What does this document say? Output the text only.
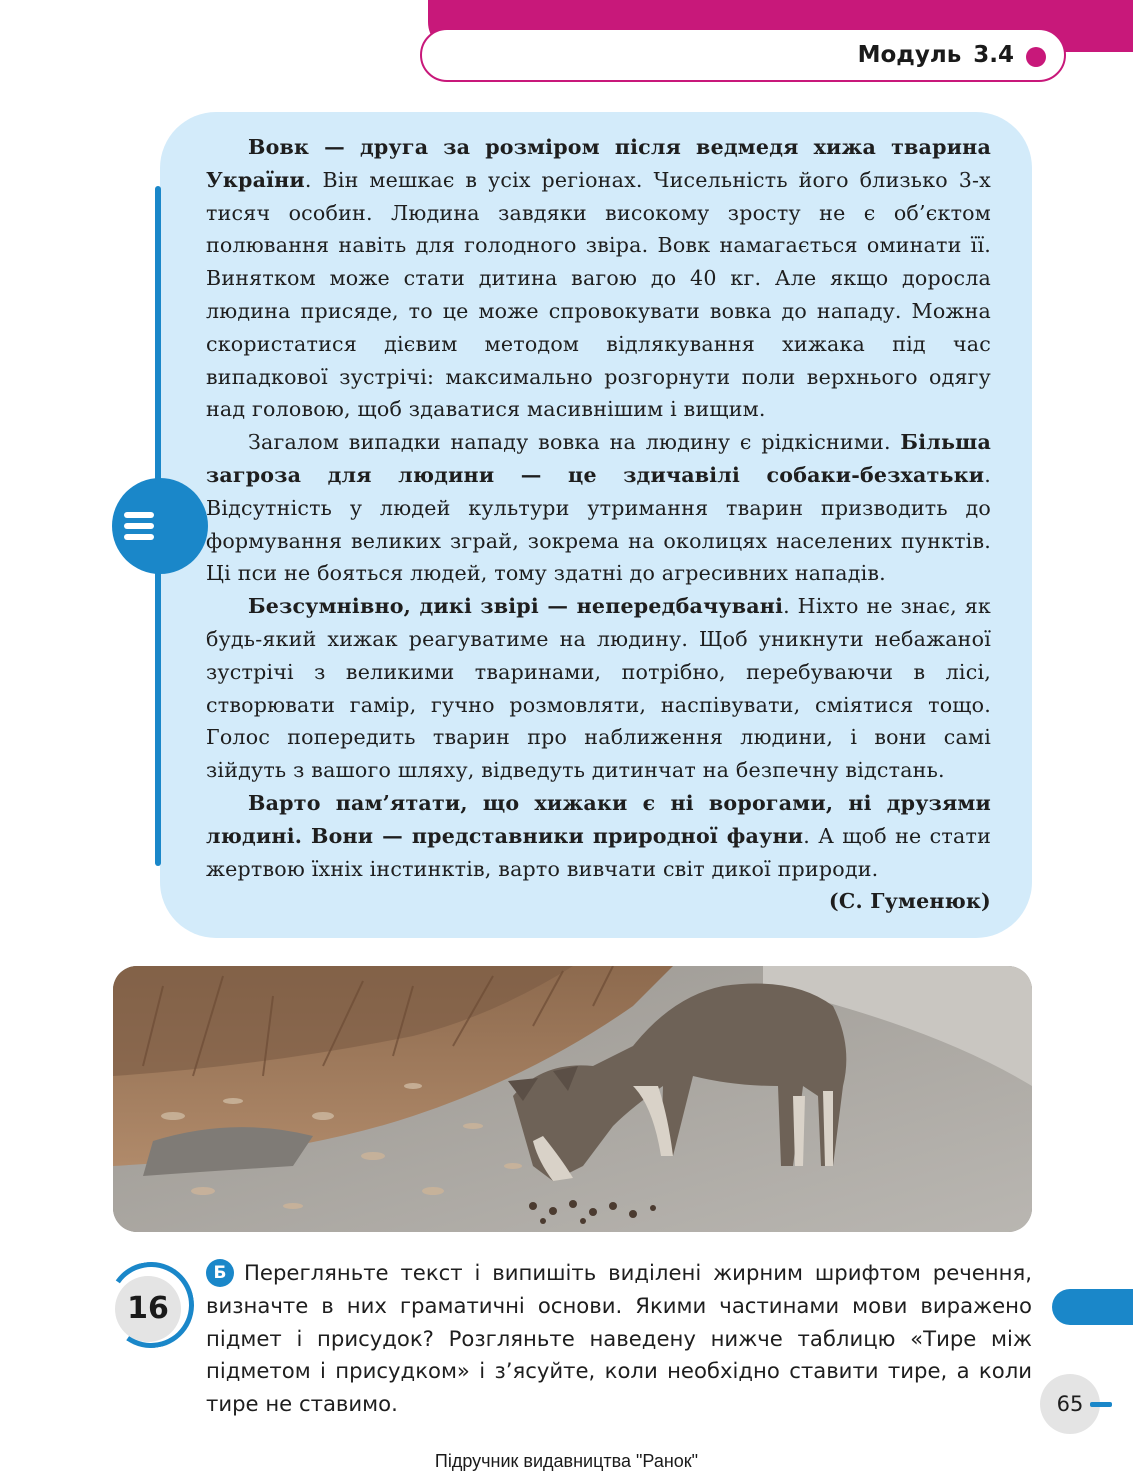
Модуль 3.4

Вовк — друга за розміром після ведмедя хижа тварина України. Він мешкає в усіх регіонах. Чисельність його близько 3-х тисяч особин. Людина завдяки високому зросту не є об’єктом полювання навіть для голодного звіра. Вовк намагається оминати її. Винятком може стати дитина вагою до 40 кг. Але якщо доросла людина присяде, то це може спровокувати вовка до нападу. Можна скористатися дієвим методом відлякування хижака під час випадкової зустрічі: максимально розгорнути поли верхнього одягу над головою, щоб здаватися масивнішим і вищим.

Загалом випадки нападу вовка на людину є рідкісними. Більша загроза для людини — це здичавілі собаки-безхатьки. Відсутність у людей культури утримання тварин призводить до формування великих зграй, зокрема на околицях населених пунктів. Ці пси не бояться людей, тому здатні до агресивних нападів.

Безсумнівно, дикі звірі — непередбачувані. Ніхто не знає, як будь-який хижак реагуватиме на людину. Щоб уникнути небажаної зустрічі з великими тваринами, потрібно, перебуваючи в лісі, створювати гамір, гучно розмовляти, наспівувати, сміятися тощо. Голос попередить тварин про наближення людини, і вони самі зійдуть з вашого шляху, відведуть дитинчат на безпечну відстань.

Варто пам’ятати, що хижаки є ні ворогами, ні друзями людині. Вони — представники природної фауни. А щоб не стати жертвою їхніх інстинктів, варто вивчати світ дикої природи.

(С. Гуменюк)
16

Б Перегляньте текст і випишіть виділені жирним шрифтом речення, визначте в них граматичні основи. Якими частинами мови виражено підмет і присудок? Розгляньте наведену нижче таблицю «Тире між підметом і присудком» і з’ясуйте, коли необхідно ставити тире, а коли тире не ставимо.	65
Підручник видавництва "Ранок"
